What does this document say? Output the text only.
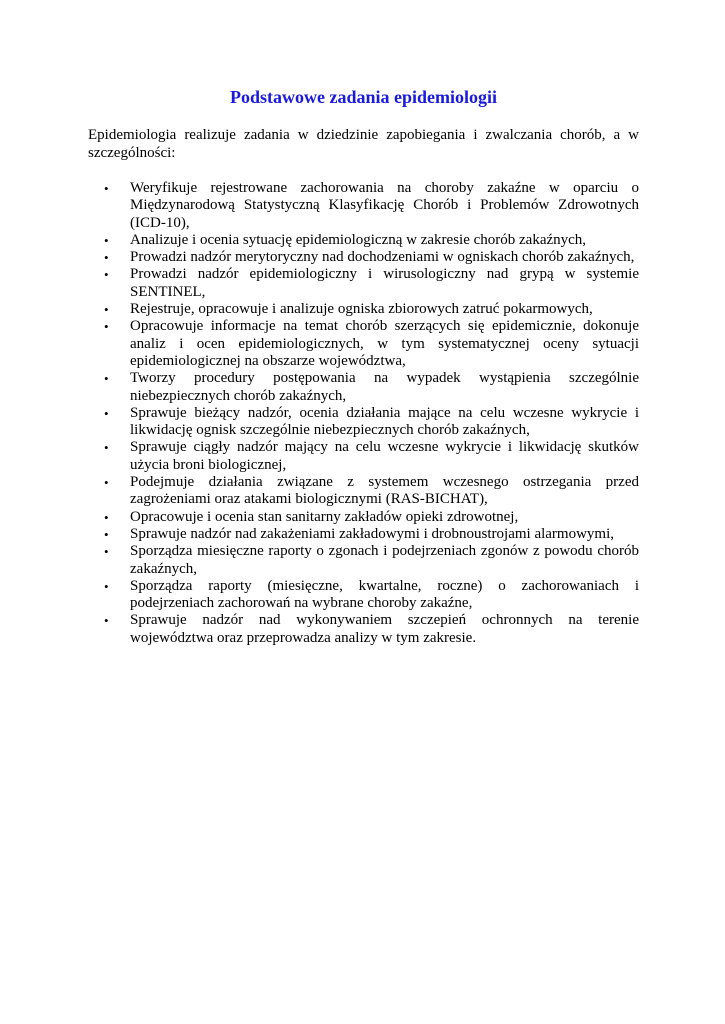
Podstawowe zadania epidemiologii

Epidemiologia realizuje zadania w dziedzinie zapobiegania i zwalczania chorób, a w szczególności:

• Weryfikuje rejestrowane zachorowania na choroby zakaźne w oparciu o Międzynarodową Statystyczną Klasyfikację Chorób i Problemów Zdrowotnych (ICD-10),
• Analizuje i ocenia sytuację epidemiologiczną w zakresie chorób zakaźnych,
• Prowadzi nadzór merytoryczny nad dochodzeniami w ogniskach chorób zakaźnych,
• Prowadzi nadzór epidemiologiczny i wirusologiczny nad grypą w systemie SENTINEL,
• Rejestruje, opracowuje i analizuje ogniska zbiorowych zatruć pokarmowych,
• Opracowuje informacje na temat chorób szerzących się epidemicznie, dokonuje analiz i ocen epidemiologicznych, w tym systematycznej oceny sytuacji epidemiologicznej na obszarze województwa,
• Tworzy procedury postępowania na wypadek wystąpienia szczególnie niebezpiecznych chorób zakaźnych,
• Sprawuje bieżący nadzór, ocenia działania mające na celu wczesne wykrycie i likwidację ognisk szczególnie niebezpiecznych chorób zakaźnych,
• Sprawuje ciągły nadzór mający na celu wczesne wykrycie i likwidację skutków użycia broni biologicznej,
• Podejmuje działania związane z systemem wczesnego ostrzegania przed zagrożeniami oraz atakami biologicznymi (RAS-BICHAT),
• Opracowuje i ocenia stan sanitarny zakładów opieki zdrowotnej,
• Sprawuje nadzór nad zakażeniami zakładowymi i drobnoustrojami alarmowymi,
• Sporządza miesięczne raporty o zgonach i podejrzeniach zgonów z powodu chorób zakaźnych,
• Sporządza raporty (miesięczne, kwartalne, roczne) o zachorowaniach i podejrzeniach zachorowań na wybrane choroby zakaźne,
• Sprawuje nadzór nad wykonywaniem szczepień ochronnych na terenie województwa oraz przeprowadza analizy w tym zakresie.
